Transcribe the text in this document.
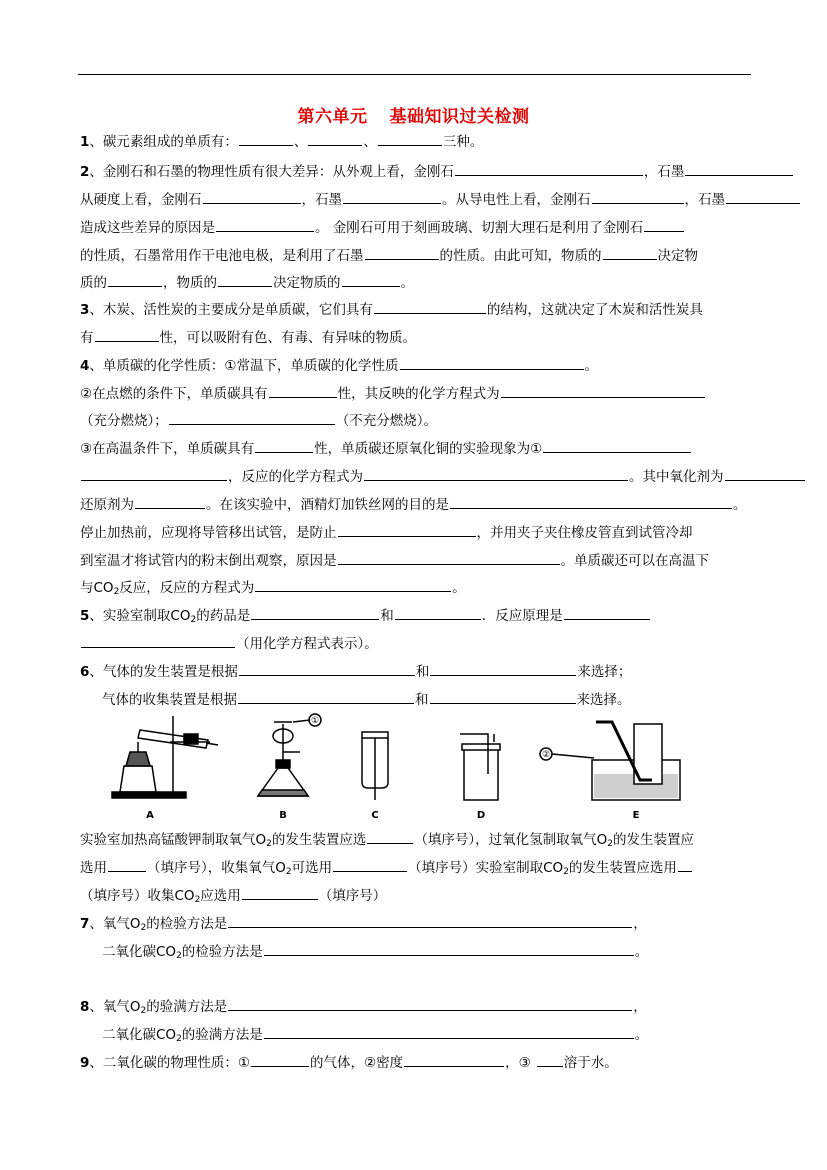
第六单元 基础知识过关检测
1、碳元素组成的单质有：	、	、	三种。
2、金刚石和石墨的物理性质有很大差异：从外观上看，金刚石	，石墨
从硬度上看，金刚石	，石墨	。从导电性上看，金刚石	，石墨
造成这些差异的原因是	。 金刚石可用于刻画玻璃、切割大理石是利用了金刚石
的性质，石墨常用作干电池电极，是利用了石墨	的性质。由此可知，物质的	决定物
质的	，物质的	决定物质的	。
3、木炭、活性炭的主要成分是单质碳，它们具有	的结构，这就决定了木炭和活性炭具
有	性，可以吸附有色、有毒、有异味的物质。
4、单质碳的化学性质：①常温下，单质碳的化学性质	。
②在点燃的条件下，单质碳具有	性，其反映的化学方程式为
（充分燃烧）；	（不充分燃烧）。
③在高温条件下，单质碳具有	性，单质碳还原氧化铜的实验现象为①
，反应的化学方程式为	。其中氧化剂为
还原剂为	。在该实验中，酒精灯加铁丝网的目的是	。
停止加热前，应现将导管移出试管，是防止	，并用夹子夹住橡皮管直到试管冷却
到室温才将试管内的粉末倒出观察，原因是	。单质碳还可以在高温下
与$CO_2$反应，反应的方程式为	。
5、实验室制取$CO_2$的药品是	和	．反应原理是
（用化学方程式表示）。
6、气体的发生装置是根据	和	来选择；
气体的收集装置是根据	和	来选择。
A	B	C	D	E
①
②
实验室加热高锰酸钾制取氧气$O_2$的发生装置应选	（填序号），过氧化氢制取氧气$O_2$的发生装置应
选用	（填序号），收集氧气$O_2$可选用	（填序号）实验室制取$CO_2$的发生装置应选用
（填序号）收集$CO_2$应选用	（填序号）
7、氧气$O_2$的检验方法是	，
二氧化碳$CO_2$的检验方法是	。
8、氧气$O_2$的验满方法是	，
二氧化碳$CO_2$的验满方法是	。
9、二氧化碳的物理性质：①	的气体，②密度	，③ 溶于水。
